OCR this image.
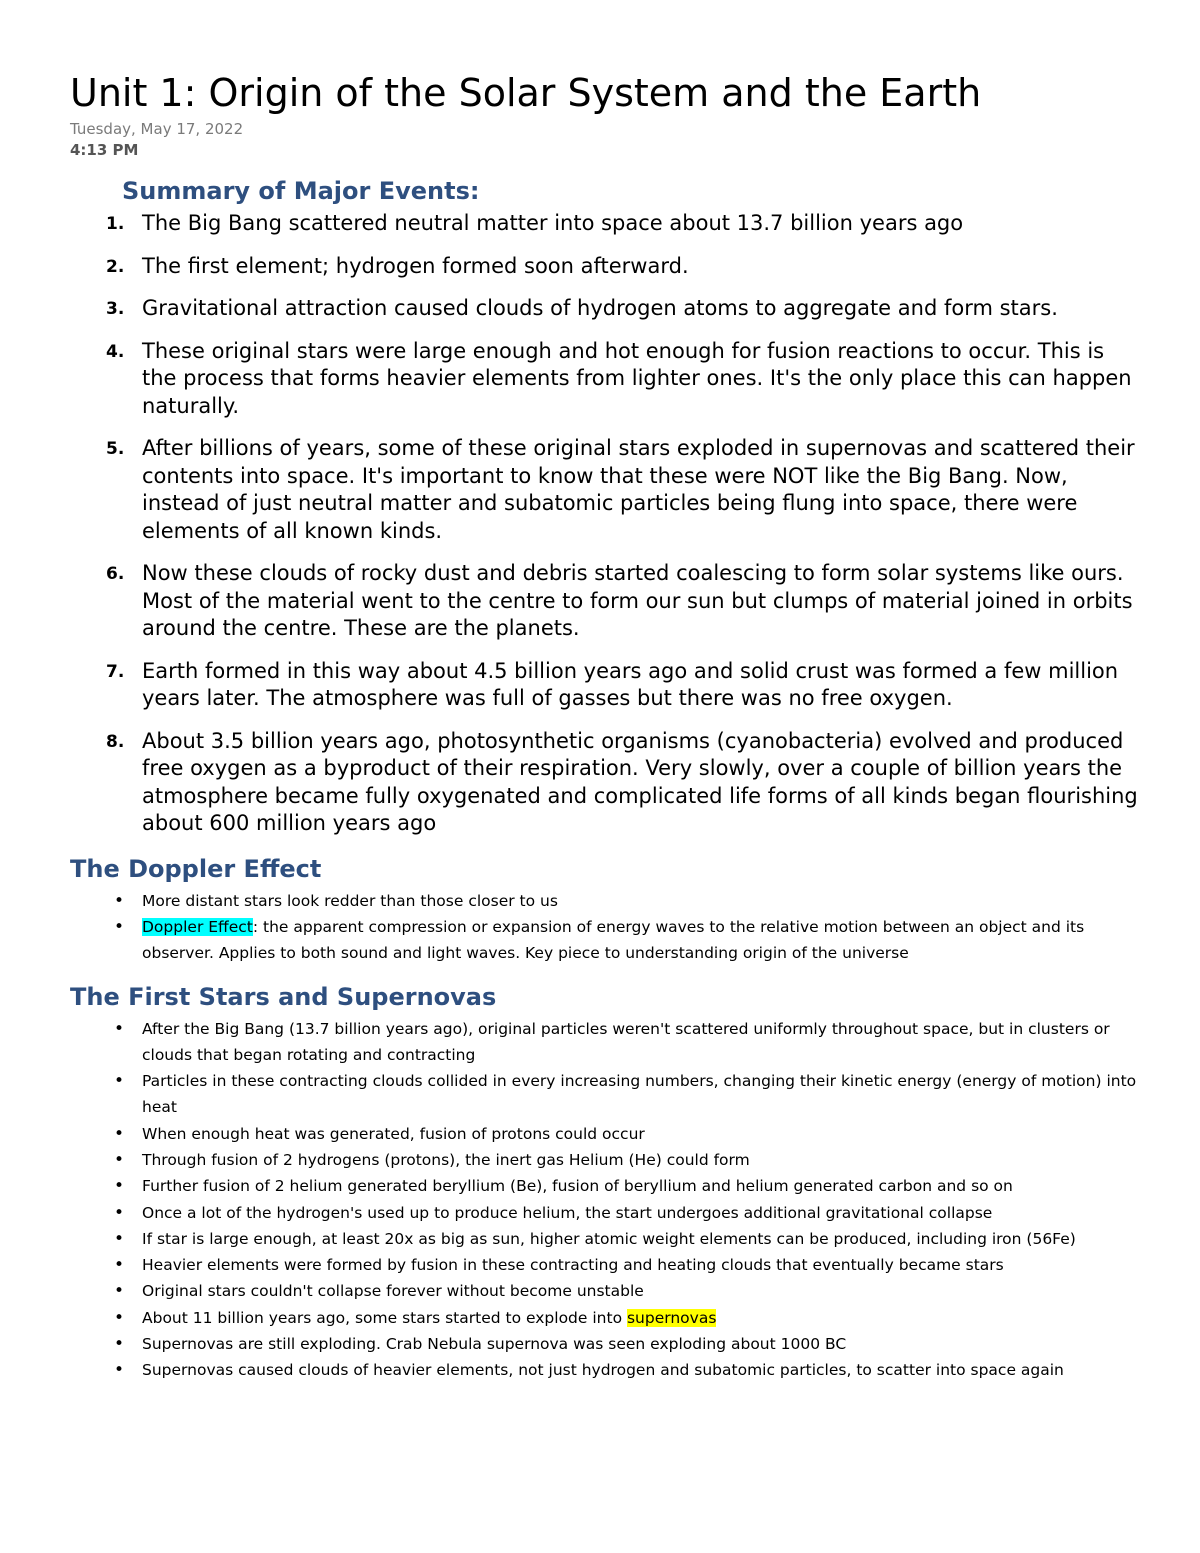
Unit 1: Origin of the Solar System and the Earth
Tuesday, May 17, 2022
4:13 PM
Summary of Major Events:
1. The Big Bang scattered neutral matter into space about 13.7 billion years ago
2. The first element; hydrogen formed soon afterward.
3. Gravitational attraction caused clouds of hydrogen atoms to aggregate and form stars.
4. These original stars were large enough and hot enough for fusion reactions to occur. This is the process that forms heavier elements from lighter ones. It's the only place this can happen naturally.
5. After billions of years, some of these original stars exploded in supernovas and scattered their contents into space. It's important to know that these were NOT like the Big Bang. Now, instead of just neutral matter and subatomic particles being flung into space, there were elements of all known kinds.
6. Now these clouds of rocky dust and debris started coalescing to form solar systems like ours. Most of the material went to the centre to form our sun but clumps of material joined in orbits around the centre. These are the planets.
7. Earth formed in this way about 4.5 billion years ago and solid crust was formed a few million years later. The atmosphere was full of gasses but there was no free oxygen.
8. About 3.5 billion years ago, photosynthetic organisms (cyanobacteria) evolved and produced free oxygen as a byproduct of their respiration. Very slowly, over a couple of billion years the atmosphere became fully oxygenated and complicated life forms of all kinds began flourishing about 600 million years ago
The Doppler Effect
• More distant stars look redder than those closer to us
• Doppler Effect: the apparent compression or expansion of energy waves to the relative motion between an object and its observer. Applies to both sound and light waves. Key piece to understanding origin of the universe
The First Stars and Supernovas
• After the Big Bang (13.7 billion years ago), original particles weren't scattered uniformly throughout space, but in clusters or clouds that began rotating and contracting
• Particles in these contracting clouds collided in every increasing numbers, changing their kinetic energy (energy of motion) into heat
• When enough heat was generated, fusion of protons could occur
• Through fusion of 2 hydrogens (protons), the inert gas Helium (He) could form
• Further fusion of 2 helium generated beryllium (Be), fusion of beryllium and helium generated carbon and so on
• Once a lot of the hydrogen's used up to produce helium, the start undergoes additional gravitational collapse
• If star is large enough, at least 20x as big as sun, higher atomic weight elements can be produced, including iron (56Fe)
• Heavier elements were formed by fusion in these contracting and heating clouds that eventually became stars
• Original stars couldn't collapse forever without become unstable
• About 11 billion years ago, some stars started to explode into supernovas
• Supernovas are still exploding. Crab Nebula supernova was seen exploding about 1000 BC
• Supernovas caused clouds of heavier elements, not just hydrogen and subatomic particles, to scatter into space again
